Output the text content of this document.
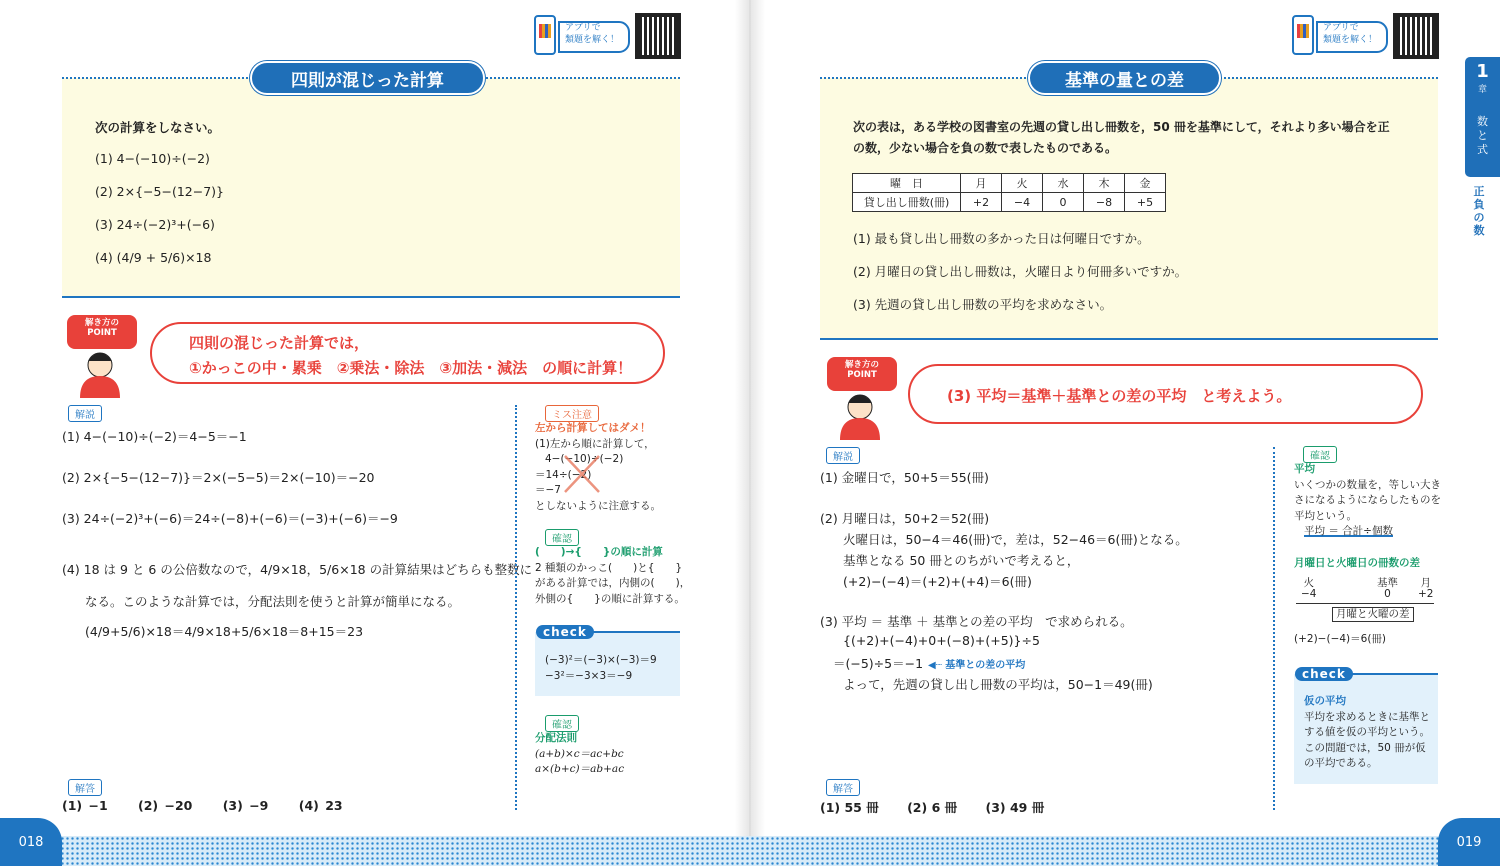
アプリで
類題を解く！
四則が混じった計算
次の計算をしなさい。
(1) 4−(−10)÷(−2)
(2) 2×{−5−(12−7)}
(3) 24÷(−2)³+(−6)
(4) (4/9 + 5/6)×18
解き方の POINT
四則の混じった計算では，
①かっこの中・累乗　②乗法・除法　③加法・減法　の順に計算！
解説
(1) 4−(−10)÷(−2)＝4−5＝−1
(2) 2×{−5−(12−7)}＝2×(−5−5)＝2×(−10)＝−20
(3) 24÷(−2)³+(−6)＝24÷(−8)+(−6)＝(−3)+(−6)＝−9
(4) 18 は 9 と 6 の公倍数なので，4/9×18，5/6×18 の計算結果はどちらも整数に
なる。このような計算では，分配法則を使うと計算が簡単になる。
(4/9+5/6)×18＝4/9×18+5/6×18＝8+15＝23
ミス注意
左から計算してはダメ！
(1)左から順に計算して，
4−(−10)÷(−2)
＝14÷(−2)
＝−7
としないように注意する。
確認
(　　)→{　　}の順に計算
2 種類のかっこ(　　)と{　　}
がある計算では，内側の(　　)，
外側の{　　}の順に計算する。
check
(−3)²＝(−3)×(−3)＝9
−3²＝−3×3＝−9
確認
分配法則
(a+b)×c＝ac+bc
a×(b+c)＝ab+ac
解答
(1) −1 (2) −20 (3) −9 (4) 23
アプリで
類題を解く！
基準の量との差
次の表は，ある学校の図書室の先週の貸し出し冊数を，50 冊を基準にして，それより多い場合を正
の数，少ない場合を負の数で表したものである。
曜　日	月	火	水	木	金
貸し出し冊数(冊)	+2	−4	0	−8	+5
(1) 最も貸し出し冊数の多かった日は何曜日ですか。
(2) 月曜日の貸し出し冊数は，火曜日より何冊多いですか。
(3) 先週の貸し出し冊数の平均を求めなさい。
解き方の POINT
(3) 平均＝基準＋基準との差の平均　と考えよう。
解説
(1) 金曜日で，50+5＝55(冊)
(2) 月曜日は，50+2＝52(冊)
火曜日は，50−4＝46(冊)で，差は，52−46＝6(冊)となる。
基準となる 50 冊とのちがいで考えると，
(+2)−(−4)＝(+2)+(+4)＝6(冊)
(3) 平均 ＝ 基準 ＋ 基準との差の平均　で求められる。
{(+2)+(−4)+0+(−8)+(+5)}÷5
＝(−5)÷5＝−1 ◀┈ 基準との差の平均
よって，先週の貸し出し冊数の平均は，50−1＝49(冊)
確認
平均
いくつかの数量を，等しい大き
さになるようにならしたものを
平均という。
平均 ＝ 合計÷個数
月曜日と火曜日の冊数の差
火
−4
基準
0
月
+2
月曜と火曜の差
(+2)−(−4)＝6(冊)
check
仮の平均
平均を求めるときに基準と
する値を仮の平均という。
この問題では，50 冊が仮
の平均である。
解答
(1) 55 冊 (2) 6 冊 (3) 49 冊
1
章
数と式
正負の数
018	019
